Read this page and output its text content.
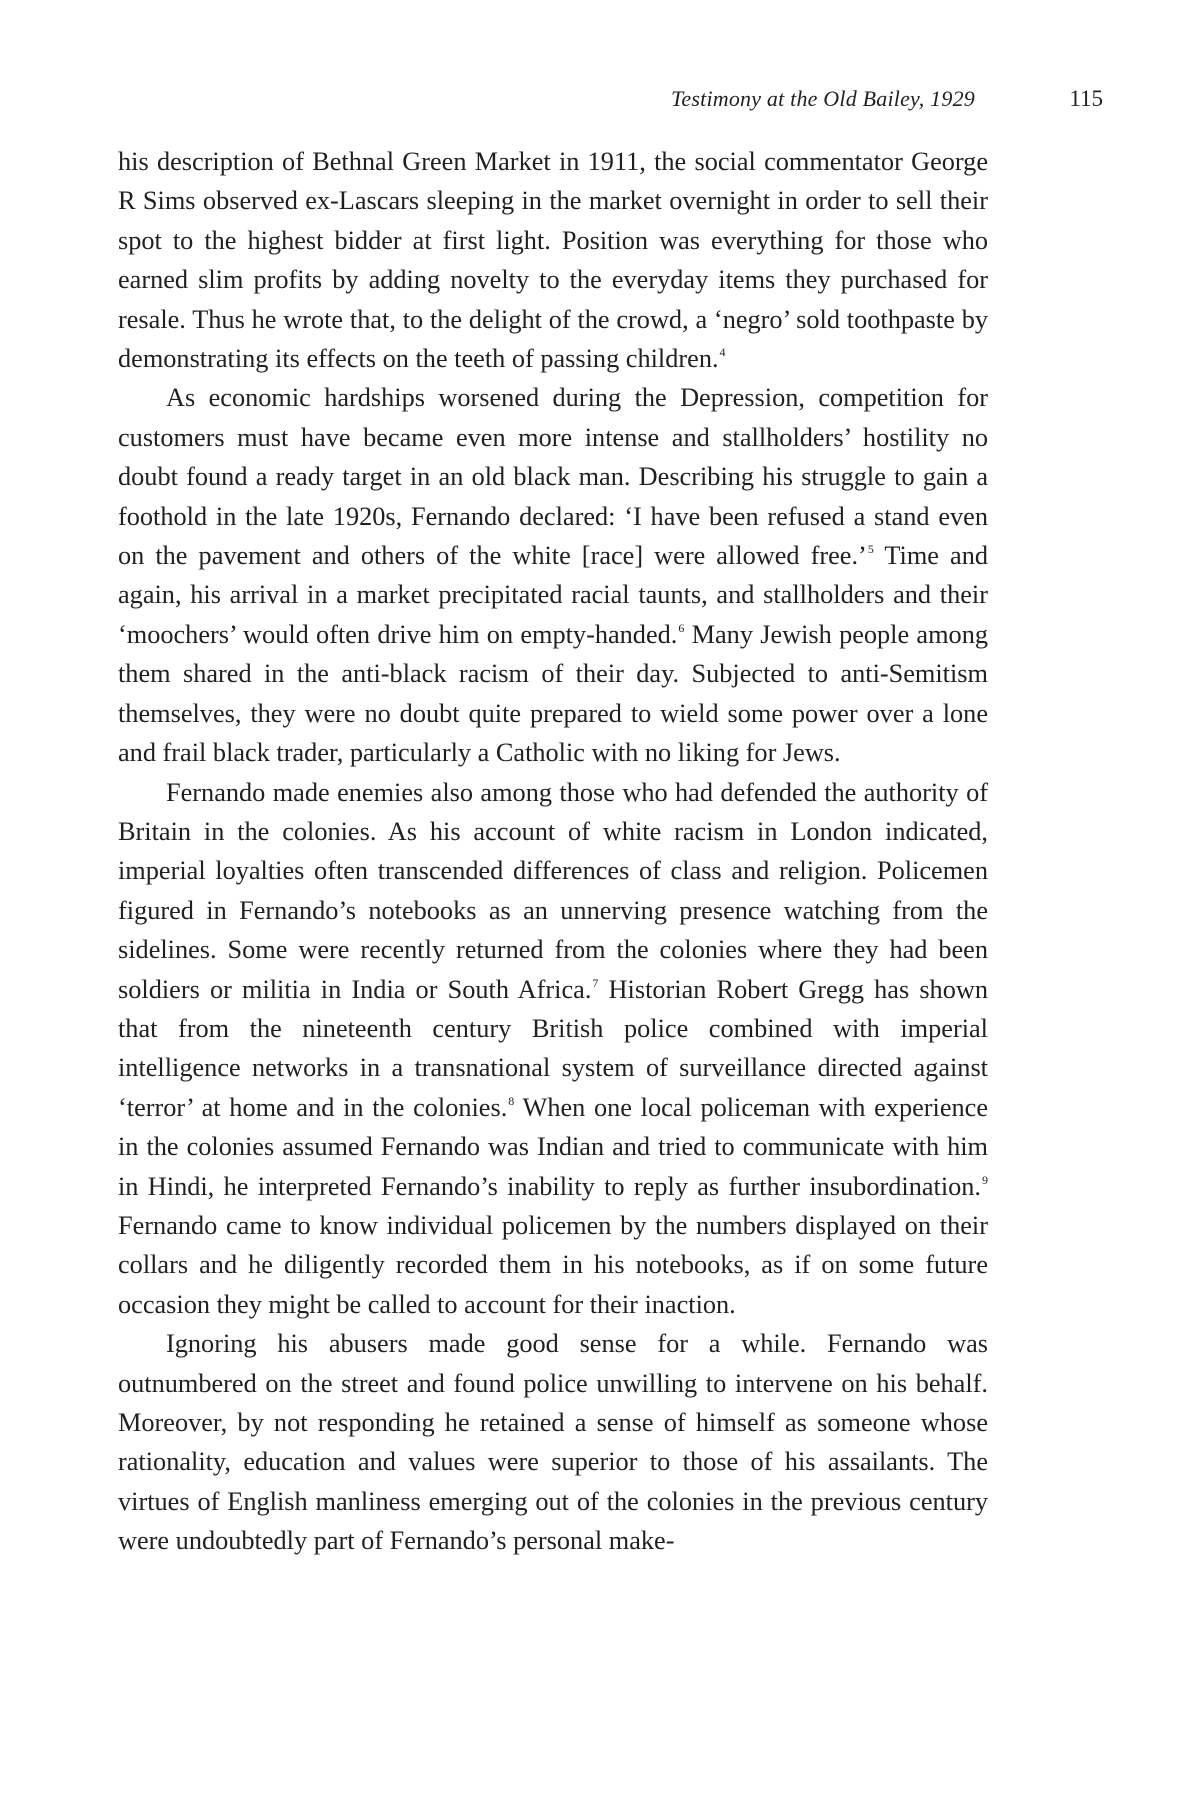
Testimony at the Old Bailey, 1929	115

his description of Bethnal Green Market in 1911, the social commentator George R Sims observed ex-Lascars sleeping in the market overnight in order to sell their spot to the highest bidder at first light. Position was everything for those who earned slim profits by adding novelty to the everyday items they purchased for resale. Thus he wrote that, to the delight of the crowd, a ‘negro’ sold toothpaste by demonstrating its effects on the teeth of passing children.$^4$

As economic hardships worsened during the Depression, competition for customers must have became even more intense and stallholders’ hostility no doubt found a ready target in an old black man. Describing his struggle to gain a foothold in the late 1920s, Fernando declared: ‘I have been refused a stand even on the pavement and others of the white [race] were allowed free.’$^5$ Time and again, his arrival in a market precipitated racial taunts, and stallholders and their ‘moochers’ would often drive him on empty-handed.$^6$ Many Jewish people among them shared in the anti-black racism of their day. Subjected to anti-Semitism themselves, they were no doubt quite prepared to wield some power over a lone and frail black trader, particularly a Catholic with no liking for Jews.

Fernando made enemies also among those who had defended the authority of Britain in the colonies. As his account of white racism in London indicated, imperial loyalties often transcended differences of class and religion. Policemen figured in Fernando’s notebooks as an unnerving presence watching from the sidelines. Some were recently returned from the colonies where they had been soldiers or militia in India or South Africa.$^7$ Historian Robert Gregg has shown that from the nineteenth century British police combined with imperial intelligence networks in a transnational system of surveillance directed against ‘terror’ at home and in the colonies.$^8$ When one local policeman with experience in the colonies assumed Fernando was Indian and tried to communicate with him in Hindi, he interpreted Fernando’s inability to reply as further insubordination.$^9$ Fernando came to know individual policemen by the numbers displayed on their collars and he diligently recorded them in his notebooks, as if on some future occasion they might be called to account for their inaction.

Ignoring his abusers made good sense for a while. Fernando was outnumbered on the street and found police unwilling to intervene on his behalf. Moreover, by not responding he retained a sense of himself as someone whose rationality, education and values were superior to those of his assailants. The virtues of English manliness emerging out of the colonies in the previous century were undoubtedly part of Fernando’s personal make-
